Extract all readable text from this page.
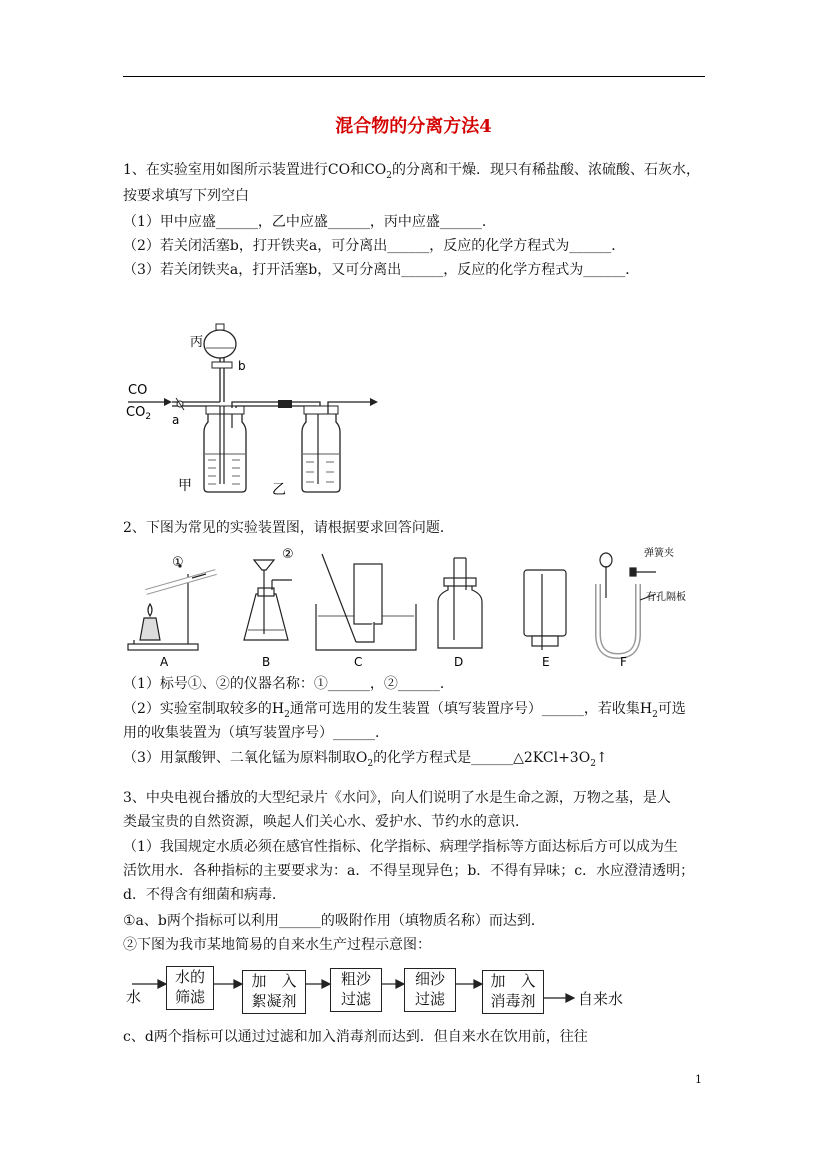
混合物的分离方法4
1、在实验室用如图所示装置进行CO和$CO_2$的分离和干燥．现只有稀盐酸、浓硫酸、石灰水，
按要求填写下列空白
（1）甲中应盛______，乙中应盛______，丙中应盛______．
（2）若关闭活塞b，打开铁夹a，可分离出______，反应的化学方程式为______．
（3）若关闭铁夹a，打开活塞b，又可分离出______，反应的化学方程式为______．
丙
b
CO
$CO_2$ a
甲	乙
2、下图为常见的实验装置图，请根据要求回答问题．
①
②	弹簧夹
有孔隔板
A	B	C	D	E	F
（1）标号①、②的仪器名称：①______，②______．
（2）实验室制取较多的$H_2$通常可选用的发生装置（填写装置序号）______，若收集$H_2$可选
用的收集装置为（填写装置序号）______．
（3）用氯酸钾、二氧化锰为原料制取$O_2$的化学方程式是$\_\_\_\_\_\_\triangle 2KCl+3O_2↑$
3、中央电视台播放的大型纪录片《水问》，向人们说明了水是生命之源，万物之基，是人
类最宝贵的自然资源，唤起人们关心水、爱护水、节约水的意识．
（1）我国规定水质必须在感官性指标、化学指标、病理学指标等方面达标后方可以成为生
活饮用水．各种指标的主要要求为：a．不得呈现异色；b．不得有异味；c．水应澄清透明；
d．不得含有细菌和病毒．
①a、b两个指标可以利用______的吸附作用（填物质名称）而达到．
②下图为我市某地简易的自来水生产过程示意图：
水
水的
筛滤
加　入
絮凝剂
粗沙
过滤
细沙
过滤
加　入
消毒剂	自来水
c、d两个指标可以通过过滤和加入消毒剂而达到．但自来水在饮用前，往往
1
